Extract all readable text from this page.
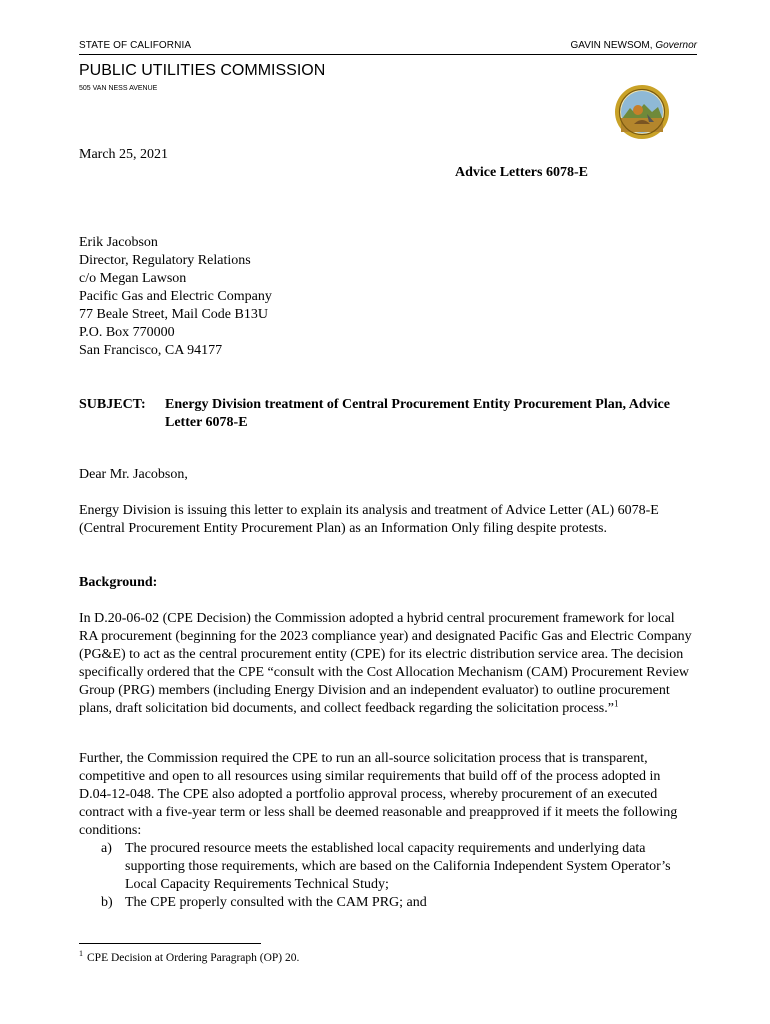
STATE OF CALIFORNIA	GAVIN NEWSOM, Governor
PUBLIC UTILITIES COMMISSION
505 VAN NESS AVENUE
March 25, 2021
Advice Letters 6078-E
Erik Jacobson
Director, Regulatory Relations
c/o Megan Lawson
Pacific Gas and Electric Company
77 Beale Street, Mail Code B13U
P.O. Box 770000
San Francisco, CA 94177
SUBJECT: Energy Division treatment of Central Procurement Entity Procurement Plan, Advice Letter 6078-E
Dear Mr. Jacobson,
Energy Division is issuing this letter to explain its analysis and treatment of Advice Letter (AL) 6078-E (Central Procurement Entity Procurement Plan) as an Information Only filing despite protests.
Background:
In D.20-06-02 (CPE Decision) the Commission adopted a hybrid central procurement framework for local RA procurement (beginning for the 2023 compliance year) and designated Pacific Gas and Electric Company (PG&E) to act as the central procurement entity (CPE) for its electric distribution service area. The decision specifically ordered that the CPE “consult with the Cost Allocation Mechanism (CAM) Procurement Review Group (PRG) members (including Energy Division and an independent evaluator) to outline procurement plans, draft solicitation bid documents, and collect feedback regarding the solicitation process.”$^1$
Further, the Commission required the CPE to run an all-source solicitation process that is transparent, competitive and open to all resources using similar requirements that build off of the process adopted in D.04-12-048. The CPE also adopted a portfolio approval process, whereby procurement of an executed contract with a five-year term or less shall be deemed reasonable and preapproved if it meets the following conditions:
a) The procured resource meets the established local capacity requirements and underlying data supporting those requirements, which are based on the California Independent System Operator’s Local Capacity Requirements Technical Study;
b) The CPE properly consulted with the CAM PRG; and
$^1$ CPE Decision at Ordering Paragraph (OP) 20.
